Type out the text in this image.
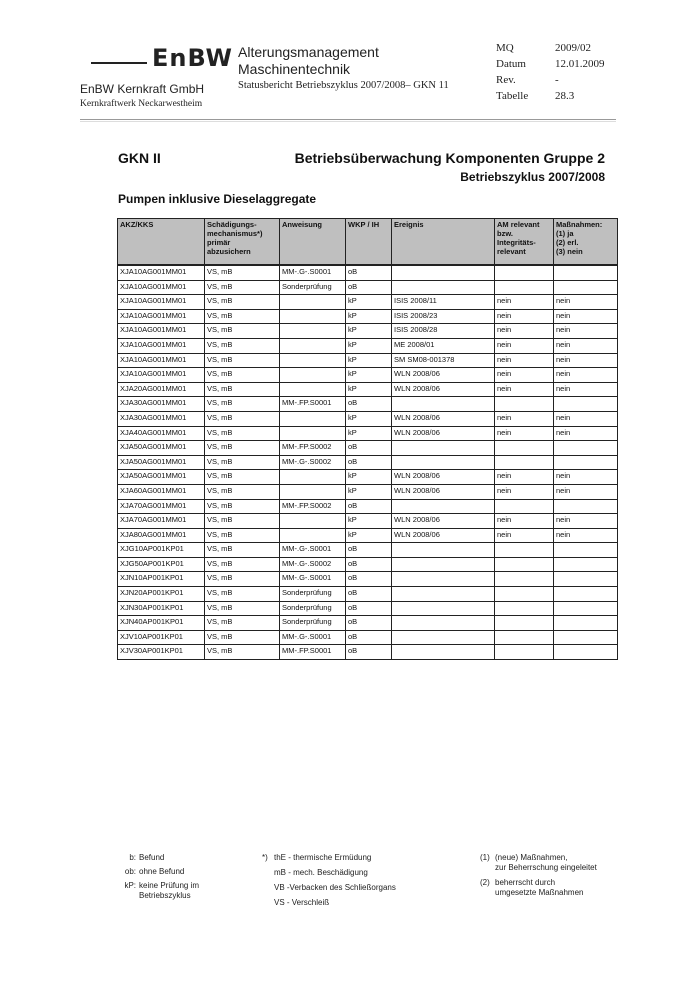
EnBW
EnBW Kernkraft GmbH
Kernkraftwerk Neckarwestheim
Alterungsmanagement
Maschinentechnik
Statusbericht Betriebszyklus 2007/2008– GKN 11
MQ	2009/02
Datum	12.01.2009
Rev.	-
Tabelle	28.3
GKN II	Betriebsüberwachung Komponenten Gruppe 2
Betriebszyklus 2007/2008
Pumpen inklusive Dieselaggregate
AKZ/KKS	Schädigungs-
mechanismus*)
primär
abzusichern	Anweisung	WKP / IH	Ereignis	AM relevant
bzw.
Integritäts-
relevant	Maßnahmen:
(1) ja
(2) erl.
(3) nein
XJA10AG001MM01	VS, mB	MM-.G-.S0001	oB			
XJA10AG001MM01	VS, mB	Sonderprüfung	oB			
XJA10AG001MM01	VS, mB		kP	ISIS 2008/11	nein	nein
XJA10AG001MM01	VS, mB		kP	ISIS 2008/23	nein	nein
XJA10AG001MM01	VS, mB		kP	ISIS 2008/28	nein	nein
XJA10AG001MM01	VS, mB		kP	ME 2008/01	nein	nein
XJA10AG001MM01	VS, mB		kP	SM SM08-001378	nein	nein
XJA10AG001MM01	VS, mB		kP	WLN 2008/06	nein	nein
XJA20AG001MM01	VS, mB		kP	WLN 2008/06	nein	nein
XJA30AG001MM01	VS, mB	MM-.FP.S0001	oB			
XJA30AG001MM01	VS, mB		kP	WLN 2008/06	nein	nein
XJA40AG001MM01	VS, mB		kP	WLN 2008/06	nein	nein
XJA50AG001MM01	VS, mB	MM-.FP.S0002	oB			
XJA50AG001MM01	VS, mB	MM-.G-.S0002	oB			
XJA50AG001MM01	VS, mB		kP	WLN 2008/06	nein	nein
XJA60AG001MM01	VS, mB		kP	WLN 2008/06	nein	nein
XJA70AG001MM01	VS, mB	MM-.FP.S0002	oB			
XJA70AG001MM01	VS, mB		kP	WLN 2008/06	nein	nein
XJA80AG001MM01	VS, mB		kP	WLN 2008/06	nein	nein
XJG10AP001KP01	VS, mB	MM-.G-.S0001	oB			
XJG50AP001KP01	VS, mB	MM-.G-.S0002	oB			
XJN10AP001KP01	VS, mB	MM-.G-.S0001	oB			
XJN20AP001KP01	VS, mB	Sonderprüfung	oB			
XJN30AP001KP01	VS, mB	Sonderprüfung	oB			
XJN40AP001KP01	VS, mB	Sonderprüfung	oB			
XJV10AP001KP01	VS, mB	MM-.G-.S0001	oB			
XJV30AP001KP01	VS, mB	MM-.FP.S0001	oB			
b: Befund
ob: ohne Befund
kP: keine Prüfung im
Betriebszyklus
*) thE - thermische Ermüdung
mB - mech. Beschädigung
VB -Verbacken des Schließorgans
VS - Verschleiß
(1) (neue) Maßnahmen,
zur Beherrschung eingeleitet
(2) beherrscht durch
umgesetzte Maßnahmen
